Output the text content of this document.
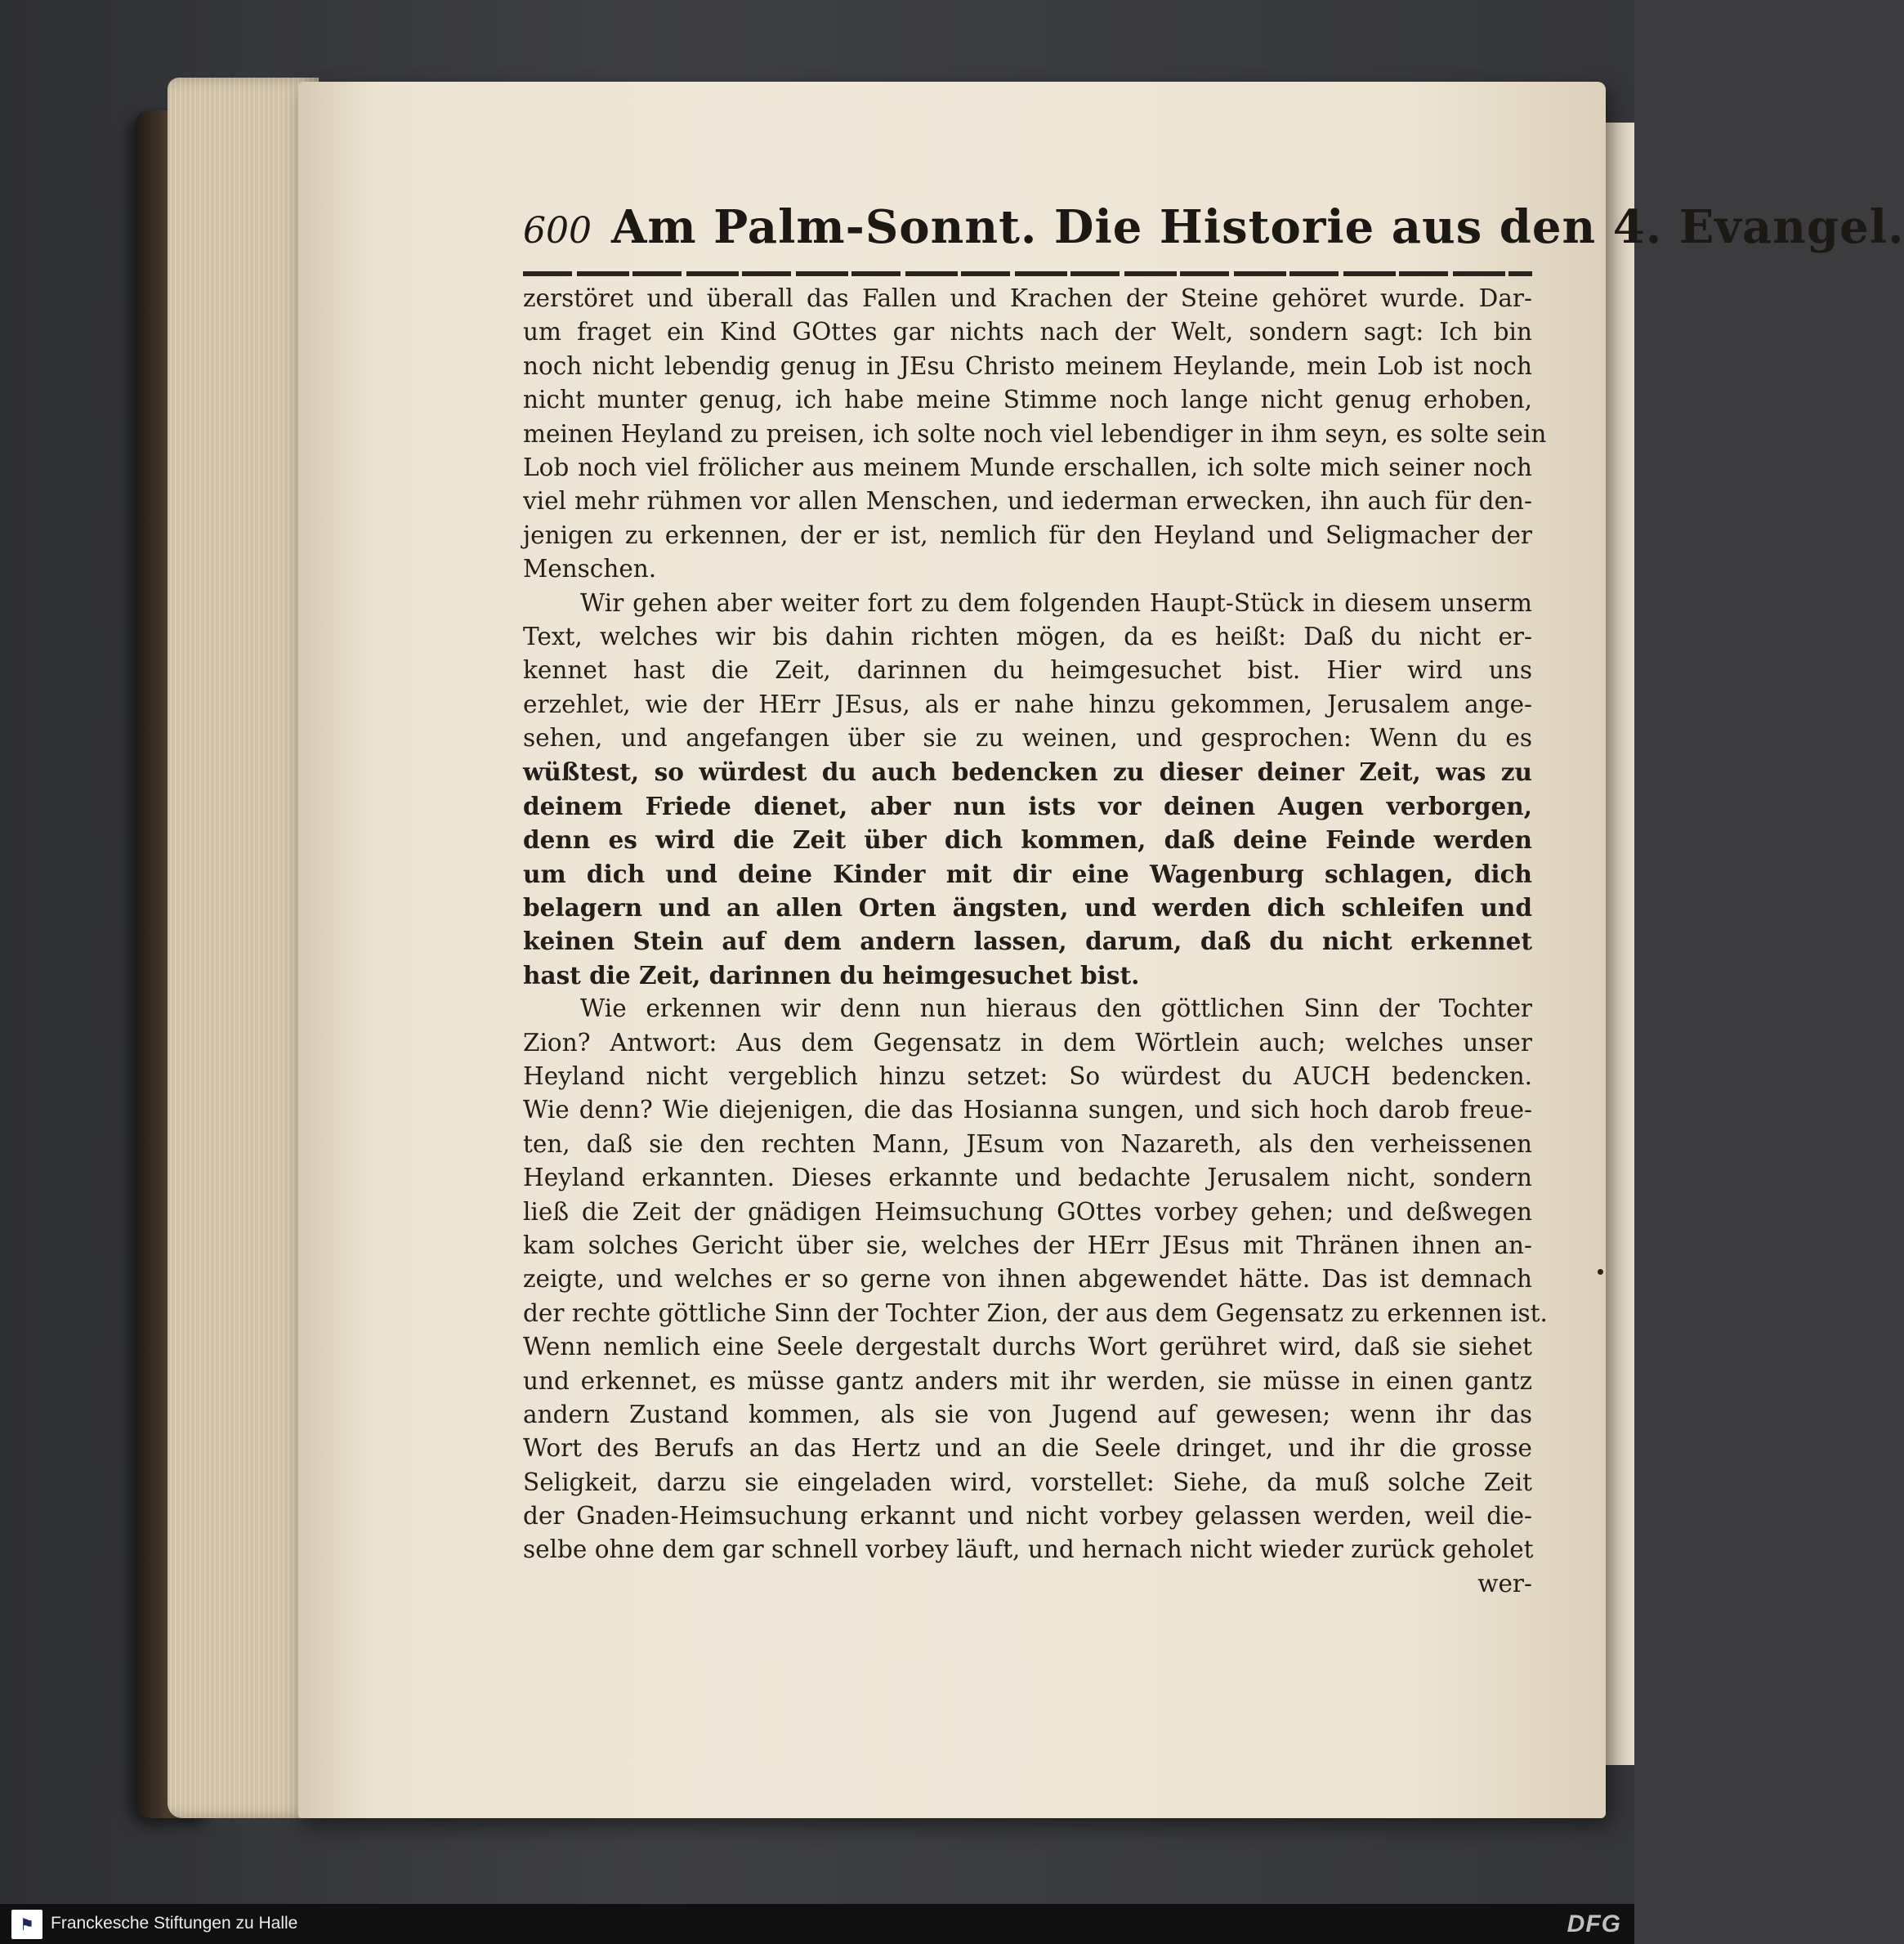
600 Am Palm-Sonnt. Die Historie aus den 4. Evangel.
zerstöret und überall das Fallen und Krachen der Steine gehöret wurde. Dar-
um fraget ein Kind GOttes gar nichts nach der Welt, sondern sagt: Ich bin
noch nicht lebendig genug in JEsu Christo meinem Heylande, mein Lob ist noch
nicht munter genug, ich habe meine Stimme noch lange nicht genug erhoben,
meinen Heyland zu preisen, ich solte noch viel lebendiger in ihm seyn, es solte sein
Lob noch viel frölicher aus meinem Munde erschallen, ich solte mich seiner noch
viel mehr rühmen vor allen Menschen, und iederman erwecken, ihn auch für den-
jenigen zu erkennen, der er ist, nemlich für den Heyland und Seligmacher der
Menschen.
Wir gehen aber weiter fort zu dem folgenden Haupt-Stück in diesem unserm
Text, welches wir bis dahin richten mögen, da es heißt: Daß du nicht er-
kennet hast die Zeit, darinnen du heimgesuchet bist. Hier wird uns
erzehlet, wie der HErr JEsus, als er nahe hinzu gekommen, Jerusalem ange-
sehen, und angefangen über sie zu weinen, und gesprochen: Wenn du es
wüßtest, so würdest du auch bedencken zu dieser deiner Zeit, was zu
deinem Friede dienet, aber nun ists vor deinen Augen verborgen,
denn es wird die Zeit über dich kommen, daß deine Feinde werden
um dich und deine Kinder mit dir eine Wagenburg schlagen, dich
belagern und an allen Orten ängsten, und werden dich schleifen und
keinen Stein auf dem andern lassen, darum, daß du nicht erkennet
hast die Zeit, darinnen du heimgesuchet bist.
Wie erkennen wir denn nun hieraus den göttlichen Sinn der Tochter
Zion? Antwort: Aus dem Gegensatz in dem Wörtlein auch; welches unser
Heyland nicht vergeblich hinzu setzet: So würdest du AUCH bedencken.
Wie denn? Wie diejenigen, die das Hosianna sungen, und sich hoch darob freue-
ten, daß sie den rechten Mann, JEsum von Nazareth, als den verheissenen
Heyland erkannten. Dieses erkannte und bedachte Jerusalem nicht, sondern
ließ die Zeit der gnädigen Heimsuchung GOttes vorbey gehen; und deßwegen
kam solches Gericht über sie, welches der HErr JEsus mit Thränen ihnen an-
zeigte, und welches er so gerne von ihnen abgewendet hätte. Das ist demnach
der rechte göttliche Sinn der Tochter Zion, der aus dem Gegensatz zu erkennen ist.
Wenn nemlich eine Seele dergestalt durchs Wort gerühret wird, daß sie siehet
und erkennet, es müsse gantz anders mit ihr werden, sie müsse in einen gantz
andern Zustand kommen, als sie von Jugend auf gewesen; wenn ihr das
Wort des Berufs an das Hertz und an die Seele dringet, und ihr die grosse
Seligkeit, darzu sie eingeladen wird, vorstellet: Siehe, da muß solche Zeit
der Gnaden-Heimsuchung erkannt und nicht vorbey gelassen werden, weil die-
selbe ohne dem gar schnell vorbey läuft, und hernach nicht wieder zurück geholet
wer-
⚑ Franckesche Stiftungen zu Halle	DFG
